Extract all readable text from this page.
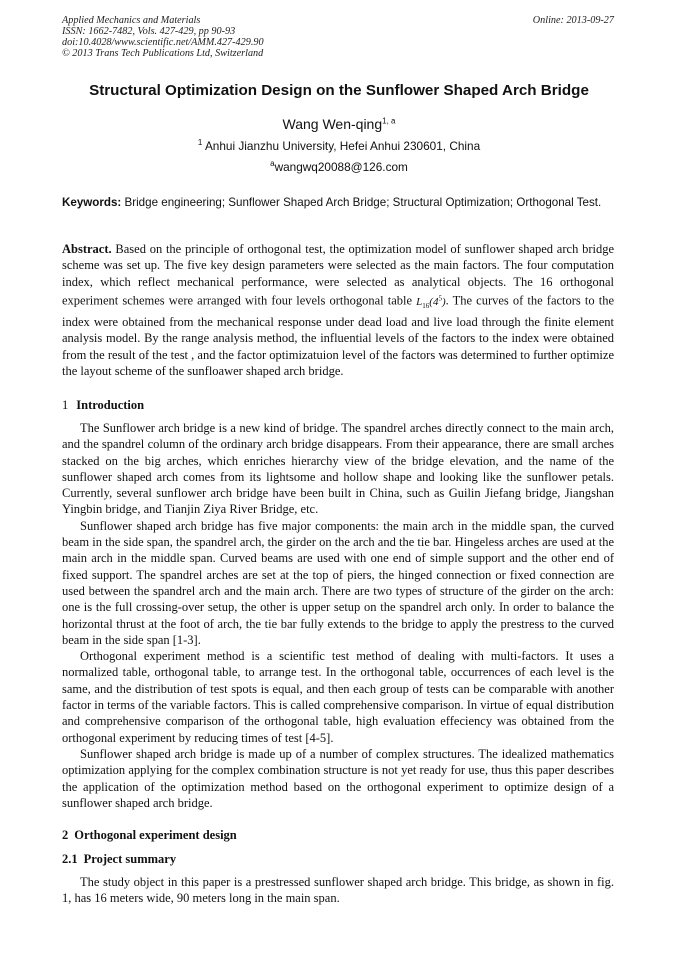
Applied Mechanics and Materials
ISSN: 1662-7482, Vols. 427-429, pp 90-93
doi:10.4028/www.scientific.net/AMM.427-429.90
© 2013 Trans Tech Publications Ltd, Switzerland
Online: 2013-09-27
Structural Optimization Design on the Sunflower Shaped Arch Bridge
Wang Wen-qing$^{1, a}$
$^1$ Anhui Jianzhu University, Hefei Anhui 230601, China
$^a$wangwq20088@126.com
Keywords: Bridge engineering; Sunflower Shaped Arch Bridge; Structural Optimization; Orthogonal Test.
Abstract. Based on the principle of orthogonal test, the optimization model of sunflower shaped arch bridge scheme was set up. The five key design parameters were selected as the main factors. The four computation index, which reflect mechanical performance, were selected as analytical objects. The 16 orthogonal experiment schemes were arranged with four levels orthogonal table $L_{16}(4^5)$. The curves of the factors to the index were obtained from the mechanical response under dead load and live load through the finite element analysis model. By the range analysis method, the influential levels of the factors to the index were obtained from the result of the test , and the factor optimizatuion level of the factors was determined to further optimize the layout scheme of the sunfloawer shaped arch bridge.
1 Introduction

The Sunflower arch bridge is a new kind of bridge. The spandrel arches directly connect to the main arch, and the spandrel column of the ordinary arch bridge disappears. From their appearance, there are small arches stacked on the big arches, which enriches hierarchy view of the bridge elevation, and the name of the sunflower shaped arch comes from its lightsome and hollow shape and looking like the sunflower petals. Currently, several sunflower arch bridge have been built in China, such as Guilin Jiefang bridge, Jiangshan Yingbin bridge, and Tianjin Ziya River Bridge, etc.

Sunflower shaped arch bridge has five major components: the main arch in the middle span, the curved beam in the side span, the spandrel arch, the girder on the arch and the tie bar. Hingeless arches are used at the main arch in the middle span. Curved beams are used with one end of simple support and the other end of fixed support. The spandrel arches are set at the top of piers, the hinged connection or fixed connection are used between the spandrel arch and the main arch. There are two types of structure of the girder on the arch: one is the full crossing-over setup, the other is upper setup on the spandrel arch only. In order to balance the horizontal thrust at the foot of arch, the tie bar fully extends to the bridge to apply the prestress to the curved beam in the side span [1-3].

Orthogonal experiment method is a scientific test method of dealing with multi-factors. It uses a normalized table, orthogonal table, to arrange test. In the orthogonal table, occurrences of each level is the same, and the distribution of test spots is equal, and then each group of tests can be comparable with another factor in terms of the variable factors. This is called comprehensive comparison. In virtue of equal distribution and comprehensive comparison of the orthogonal table, high evaluation effeciency was obtained from the orthogonal experiment by reducing times of test [4-5].

Sunflower shaped arch bridge is made up of a number of complex structures. The idealized mathematics optimization applying for the complex combination structure is not yet ready for use, thus this paper describes the application of the optimization method based on the orthogonal experiment to optimize design of a sunflower shaped arch bridge.

2 Orthogonal experiment design
2.1 Project summary

The study object in this paper is a prestressed sunflower shaped arch bridge. This bridge, as shown in fig. 1, has 16 meters wide, 90 meters long in the main span.
